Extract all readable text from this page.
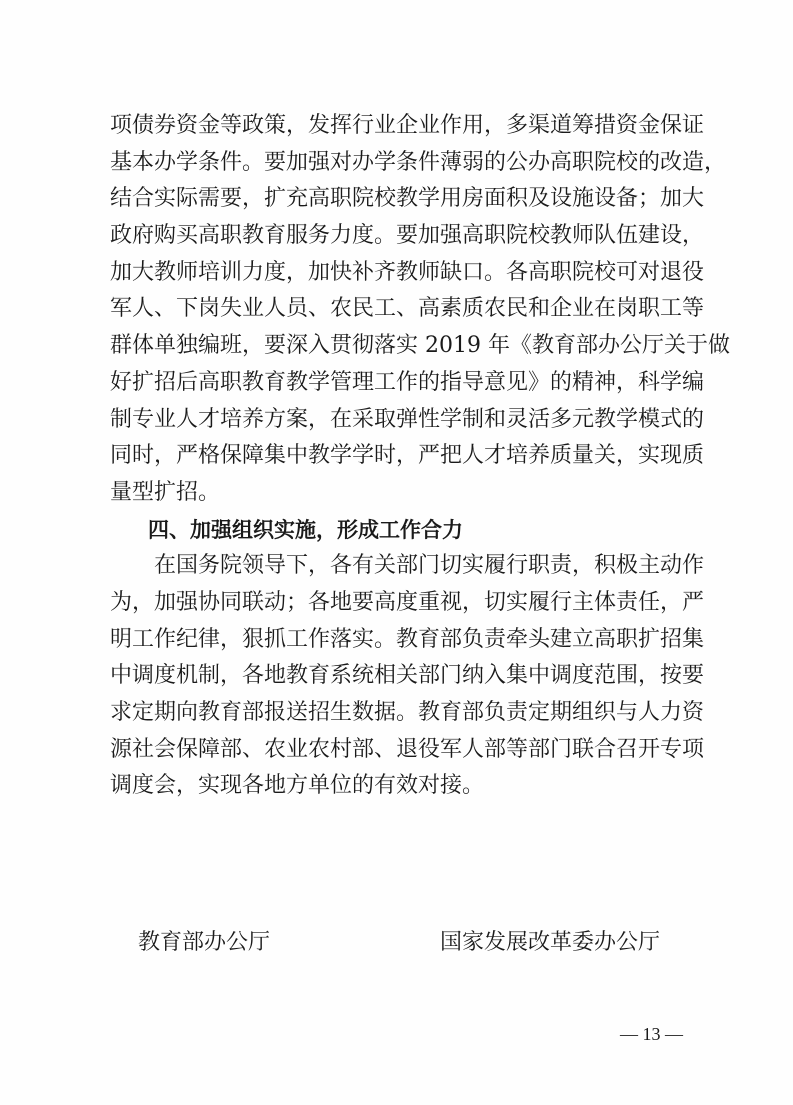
项债券资金等政策，发挥行业企业作用，多渠道筹措资金保证
基本办学条件。要加强对办学条件薄弱的公办高职院校的改造，
结合实际需要，扩充高职院校教学用房面积及设施设备；加大
政府购买高职教育服务力度。要加强高职院校教师队伍建设，
加大教师培训力度，加快补齐教师缺口。各高职院校可对退役
军人、下岗失业人员、农民工、高素质农民和企业在岗职工等
群体单独编班，要深入贯彻落实 2019 年《教育部办公厅关于做
好扩招后高职教育教学管理工作的指导意见》的精神，科学编
制专业人才培养方案，在采取弹性学制和灵活多元教学模式的
同时，严格保障集中教学学时，严把人才培养质量关，实现质
量型扩招。
四、加强组织实施，形成工作合力
在国务院领导下，各有关部门切实履行职责，积极主动作
为，加强协同联动；各地要高度重视，切实履行主体责任，严
明工作纪律，狠抓工作落实。教育部负责牵头建立高职扩招集
中调度机制，各地教育系统相关部门纳入集中调度范围，按要
求定期向教育部报送招生数据。教育部负责定期组织与人力资
源社会保障部、农业农村部、退役军人部等部门联合召开专项
调度会，实现各地方单位的有效对接。
教育部办公厅	国家发展改革委办公厅
— 13 —
